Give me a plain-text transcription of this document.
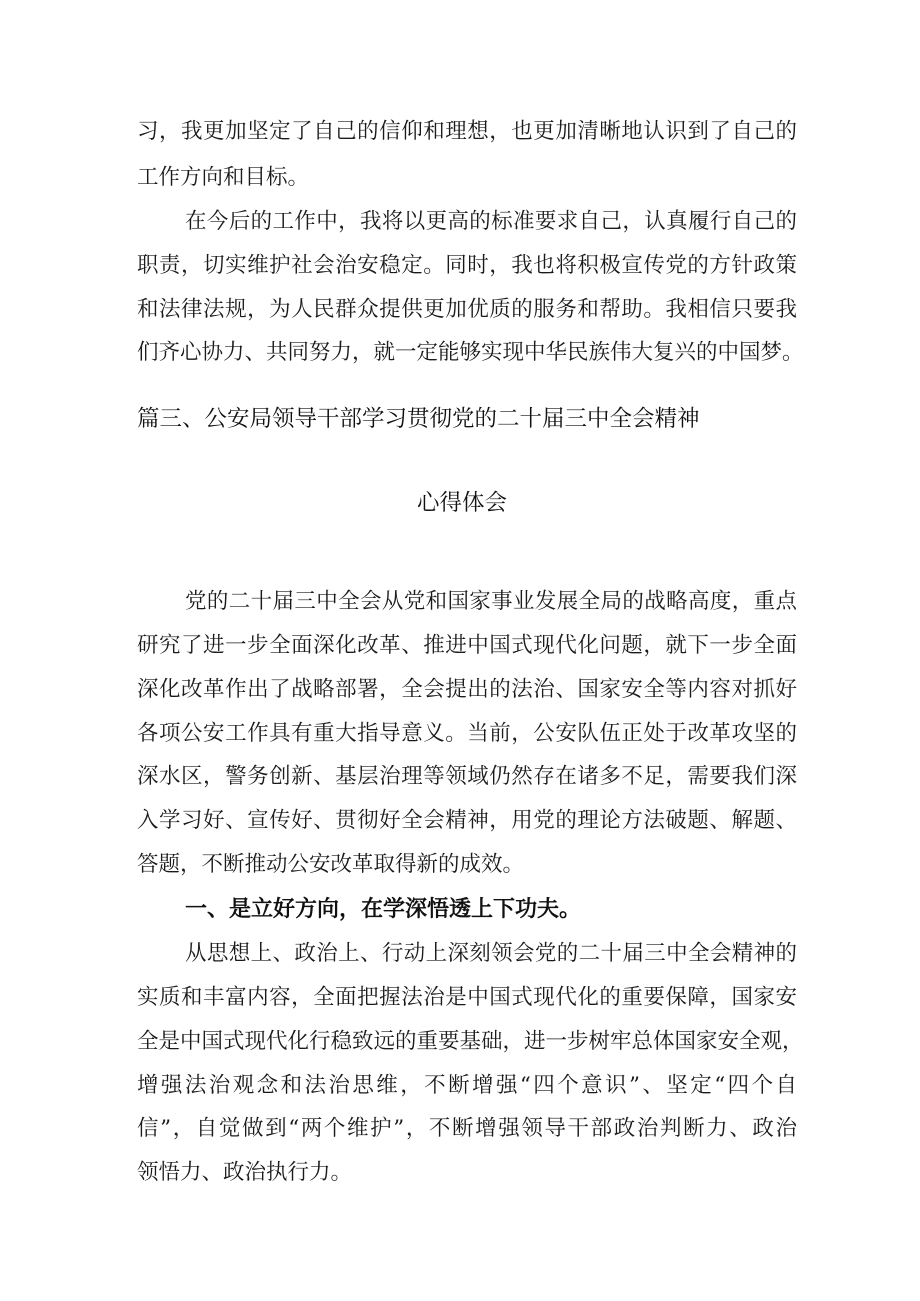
习，我更加坚定了自己的信仰和理想，也更加清晰地认识到了自己的
工作方向和目标。
在今后的工作中，我将以更高的标准要求自己，认真履行自己的
职责，切实维护社会治安稳定。同时，我也将积极宣传党的方针政策
和法律法规，为人民群众提供更加优质的服务和帮助。我相信只要我
们齐心协力、共同努力，就一定能够实现中华民族伟大复兴的中国梦。
篇三、公安局领导干部学习贯彻党的二十届三中全会精神
心得体会
党的二十届三中全会从党和国家事业发展全局的战略高度，重点
研究了进一步全面深化改革、推进中国式现代化问题，就下一步全面
深化改革作出了战略部署，全会提出的法治、国家安全等内容对抓好
各项公安工作具有重大指导意义。当前，公安队伍正处于改革攻坚的
深水区，警务创新、基层治理等领域仍然存在诸多不足，需要我们深
入学习好、宣传好、贯彻好全会精神，用党的理论方法破题、解题、
答题，不断推动公安改革取得新的成效。
一、是立好方向，在学深悟透上下功夫。
从思想上、政治上、行动上深刻领会党的二十届三中全会精神的
实质和丰富内容，全面把握法治是中国式现代化的重要保障，国家安
全是中国式现代化行稳致远的重要基础，进一步树牢总体国家安全观，
增强法治观念和法治思维，不断增强“四个意识”、坚定“四个自
信”，自觉做到“两个维护”，不断增强领导干部政治判断力、政治
领悟力、政治执行力。
